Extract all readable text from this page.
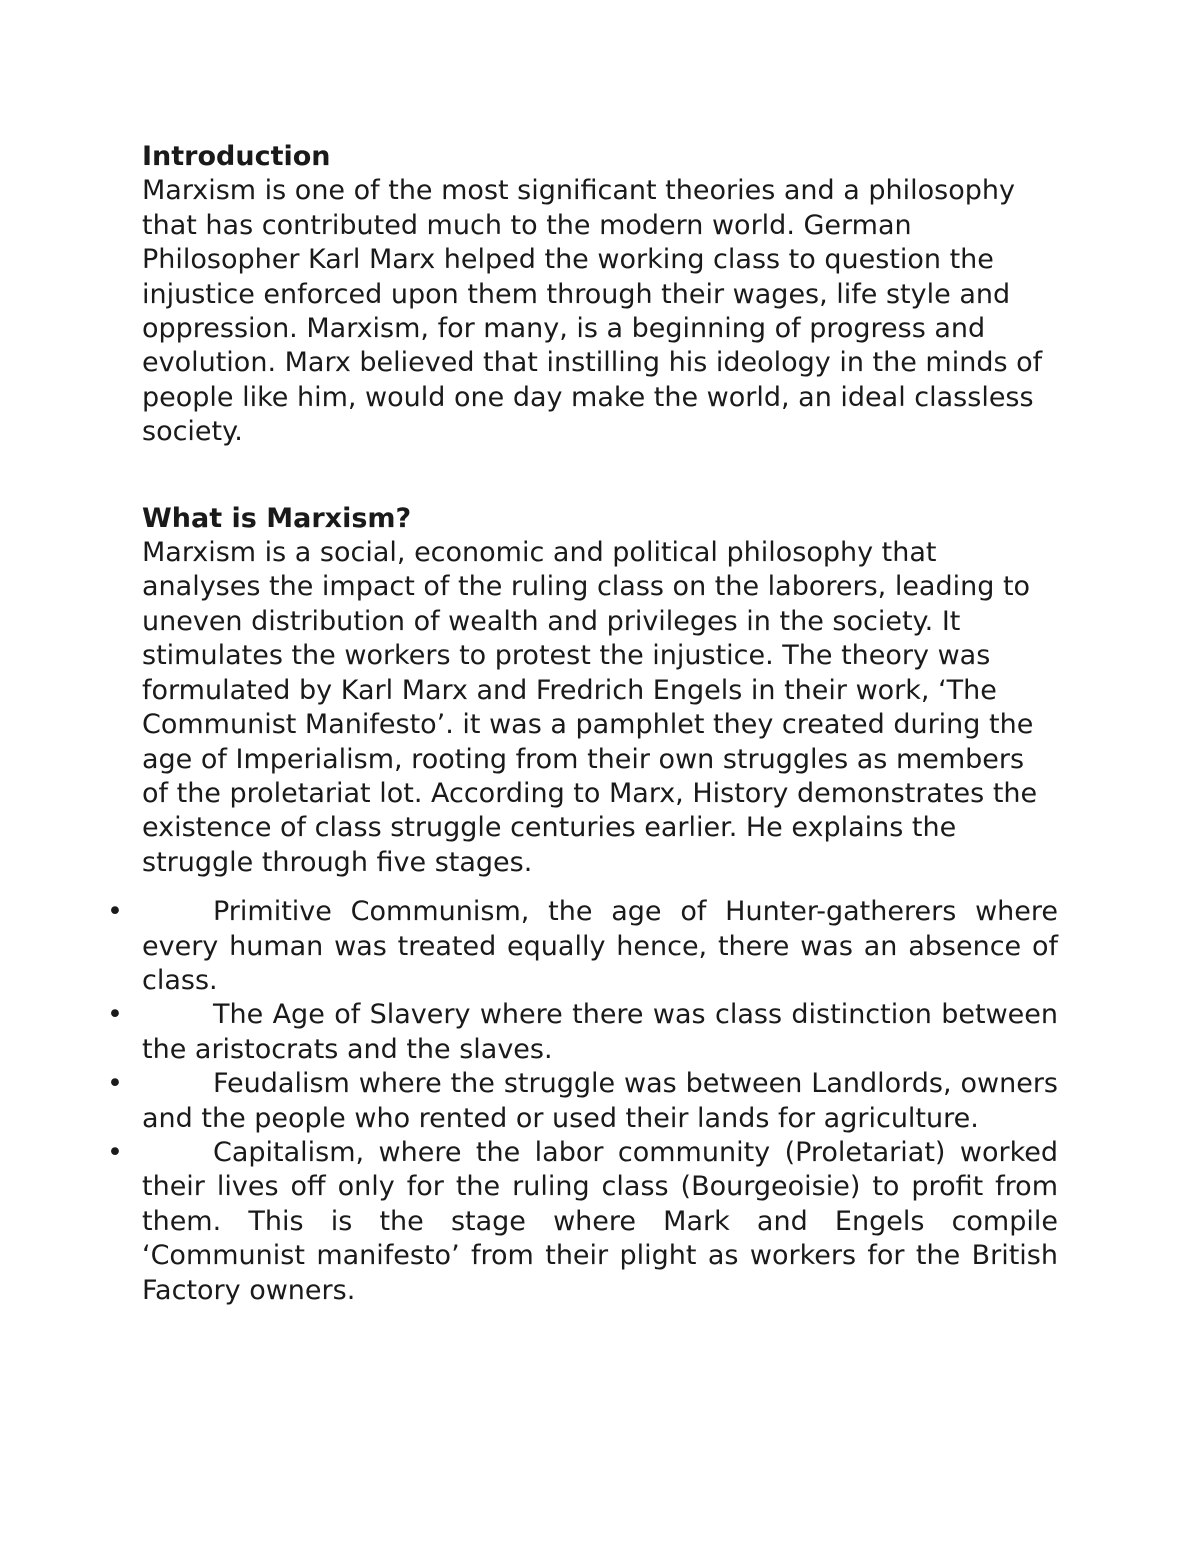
Introduction

Marxism is one of the most significant theories and a philosophy that has contributed much to the modern world. German Philosopher Karl Marx helped the working class to question the injustice enforced upon them through their wages, life style and oppression. Marxism, for many, is a beginning of progress and evolution. Marx believed that instilling his ideology in the minds of people like him, would one day make the world, an ideal classless society.

What is Marxism?

Marxism is a social, economic and political philosophy that analyses the impact of the ruling class on the laborers, leading to uneven distribution of wealth and privileges in the society. It stimulates the workers to protest the injustice. The theory was formulated by Karl Marx and Fredrich Engels in their work, ‘The Communist Manifesto’. it was a pamphlet they created during the age of Imperialism, rooting from their own struggles as members of the proletariat lot. According to Marx, History demonstrates the existence of class struggle centuries earlier. He explains the struggle through five stages.

•	Primitive Communism, the age of Hunter-gatherers where every human was treated equally hence, there was an absence of class.
•	The Age of Slavery where there was class distinction between the aristocrats and the slaves.
•	Feudalism where the struggle was between Landlords, owners and the people who rented or used their lands for agriculture.
•	Capitalism, where the labor community (Proletariat) worked their lives off only for the ruling class (Bourgeoisie) to profit from them. This is the stage where Mark and Engels compile ‘Communist manifesto’ from their plight as workers for the British Factory owners.
